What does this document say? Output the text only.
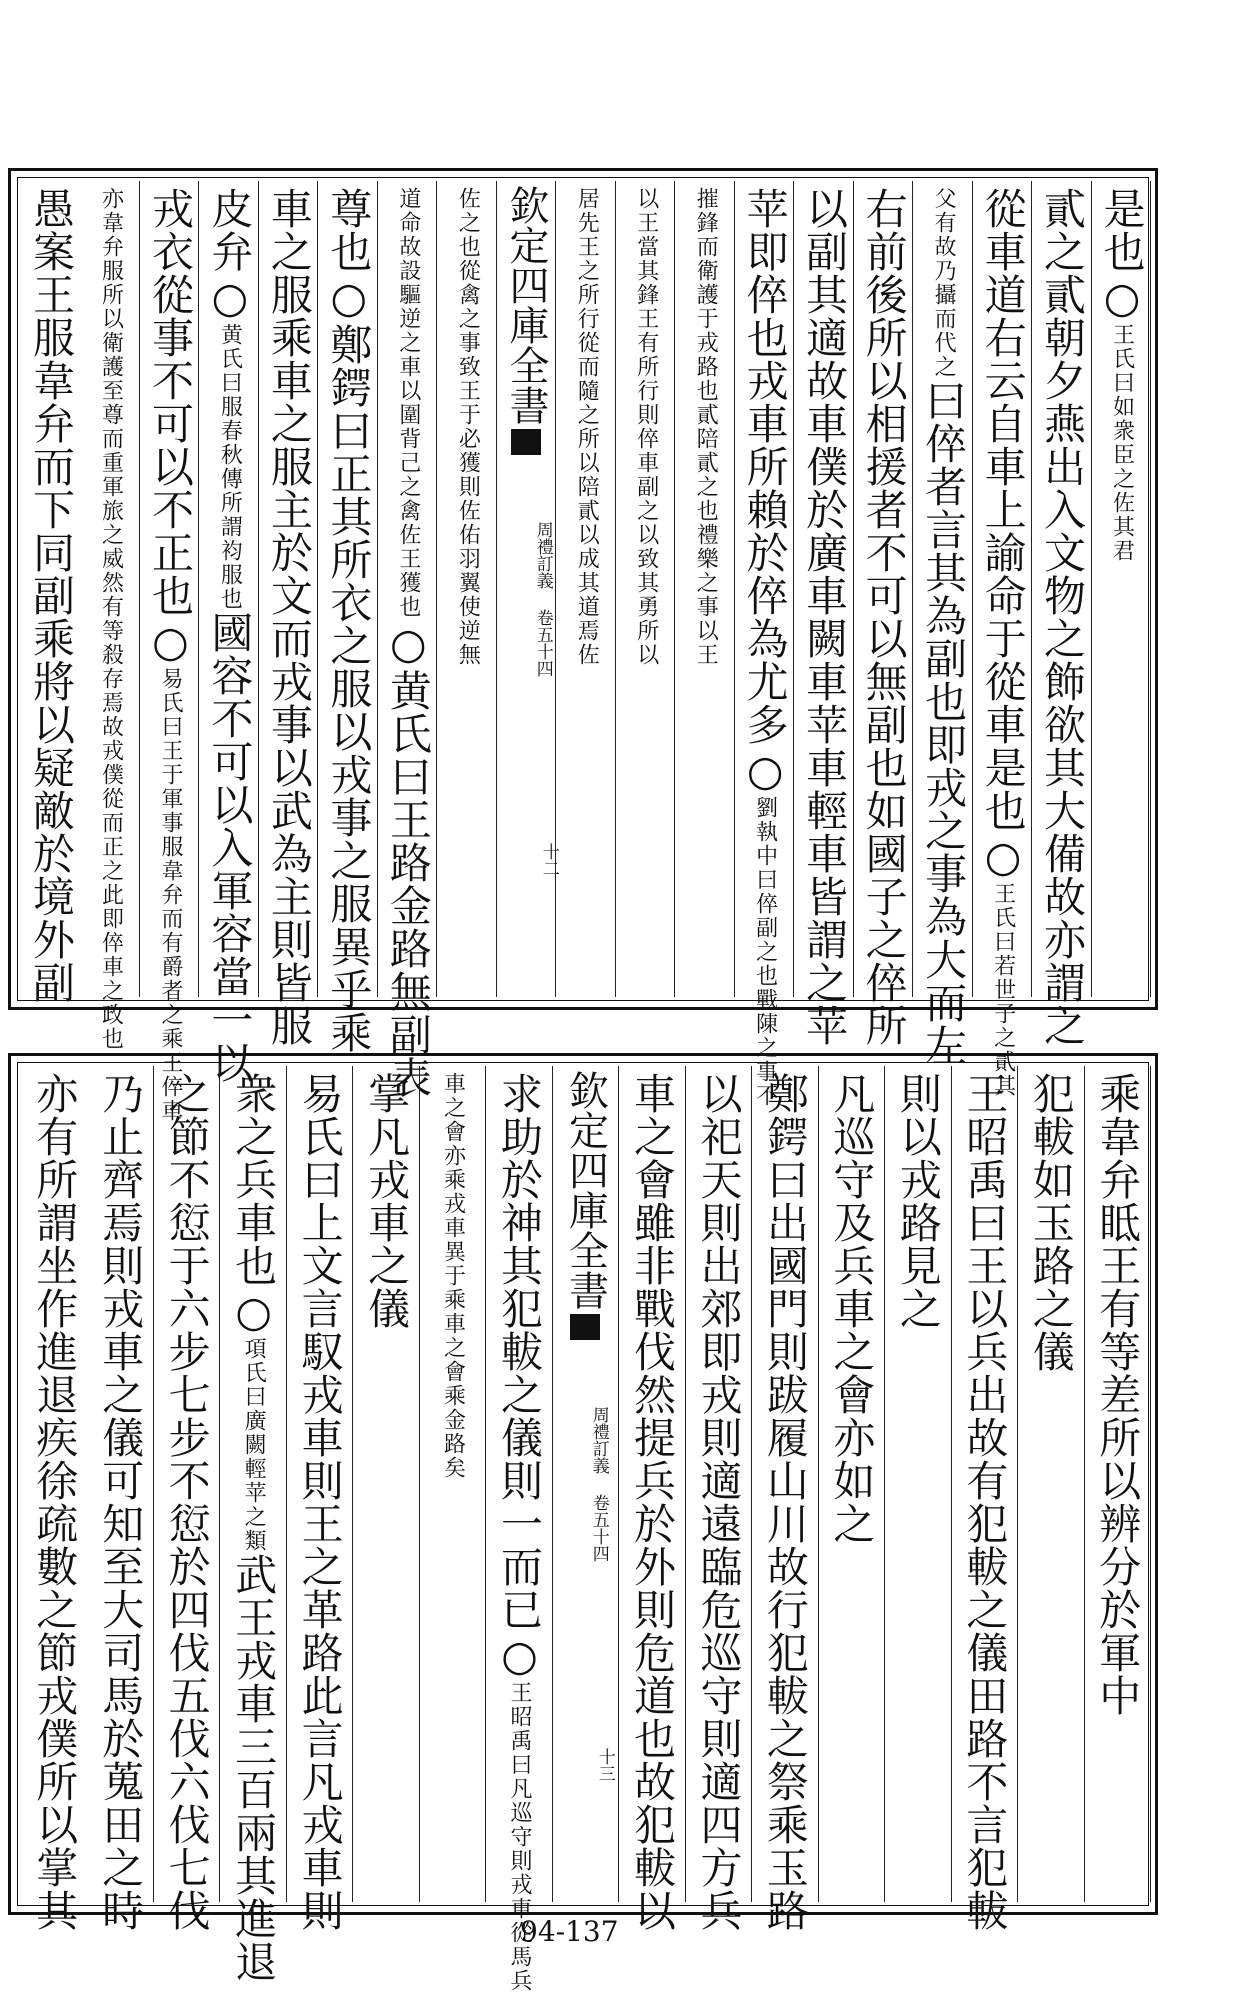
是也○王氏曰如衆臣之佐其君
貳之貳朝夕燕出入文物之飾欲其大備故亦謂之
從車道右云自車上諭命于從車是也○王氏曰若世子之貳其
父有故乃攝而代之曰倅者言其為副也即戎之事為大而左
右前後所以相援者不可以無副也如國子之倅所
以副其適故車僕於廣車闕車苹車輕車皆謂之苹
苹即倅也戎車所賴於倅為尤多○劉執中曰倅副之也戰陳之事不
摧鋒而衛護于戎路也貳陪貳之也禮樂之事以王
以王當其鋒王有所行則倅車副之以致其勇所以
居先王之所行從而隨之所以陪貳以成其道焉佐
欽定四庫全書
周禮訂義 卷五十四
十二
佐之也從禽之事致王于必獲則佐佑羽翼使逆無
道命故設驅逆之車以圍背己之禽佐王獲也○黄氏曰王路金路無副表
尊也○鄭鍔曰正其所衣之服以戎事之服異乎乘
車之服乘車之服主於文而戎事以武為主則皆服
皮弁○黄氏曰服春秋傳所謂袀服也國容不可以入軍容當一以
戎衣從事不可以不正也○易氏曰王于軍事服韋弁而有爵者之乘王倅車
亦韋弁服所以衛護至尊而重軍旅之威然有等殺存焉故戎僕從而正之此即倅車之政也
愚案王服韋弁而下同副乘將以疑敵於境外副
乘韋弁眡王有等差所以辨分於軍中
犯軷如玉路之儀
王昭禹曰王以兵出故有犯軷之儀田路不言犯軷
則以戎路見之
凡巡守及兵車之會亦如之
鄭鍔曰出國門則跋履山川故行犯軷之祭乘玉路
以祀天則出郊即戎則適遠臨危巡守則適四方兵
車之會雖非戰伐然提兵於外則危道也故犯軷以
欽定四庫全書
周禮訂義 卷五十四
十三
求助於神其犯軷之儀則一而已○王昭禹曰凡巡守則戎車從馬兵
車之會亦乘戎車異于乘車之會乘金路矣
掌凡戎車之儀
易氏曰上文言馭戎車則王之革路此言凡戎車則
衆之兵車也○項氏曰廣闕輕苹之類武王戎車三百兩其進退
之節不愆于六步七步不愆於四伐五伐六伐七伐
乃止齊焉則戎車之儀可知至大司馬於蒐田之時
亦有所謂坐作進退疾徐疏數之節戎僕所以掌其	94-137
